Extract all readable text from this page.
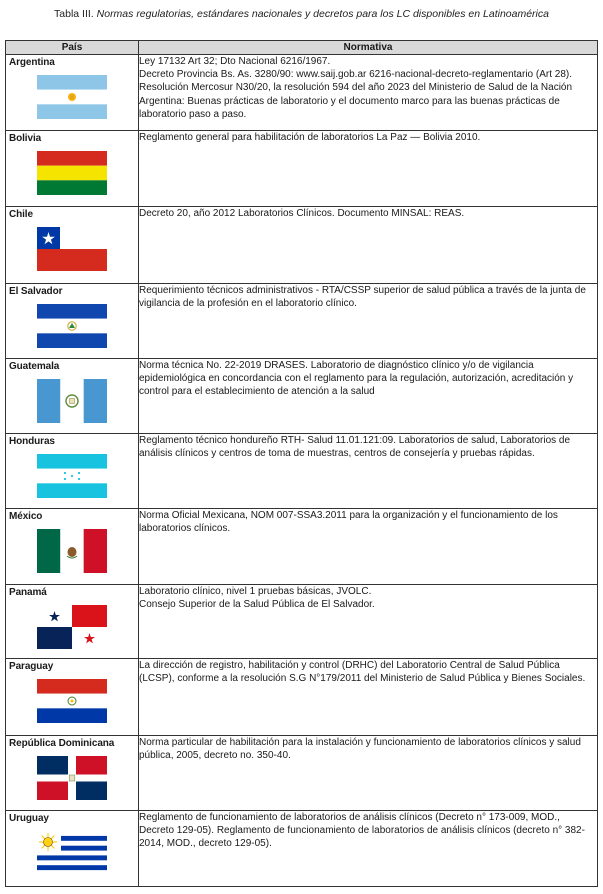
Tabla III. Normas regulatorias, estándares nacionales y decretos para los LC disponibles en Latinoamérica
País	Normativa

Argentina	Ley 17132 Art 32; Dto Nacional 6216/1967.
Decreto Provincia Bs. As. 3280/90: www.saij.gob.ar 6216-nacional-decreto-reglamentario (Art 28). Resolución Mercosur N30/20, la resolución 594 del año 2023 del Ministerio de Salud de la Nación Argentina: Buenas prácticas de laboratorio y el documento marco para las buenas prácticas de laboratorio paso a paso.

Bolivia	Reglamento general para habilitación de laboratorios La Paz — Bolivia 2010.

Chile	Decreto 20, año 2012 Laboratorios Clínicos. Documento MINSAL: REAS.

El Salvador	Requerimiento técnicos administrativos - RTA/CSSP superior de salud pública a través de la junta de vigilancia de la profesión en el laboratorio clínico.

Guatemala	Norma técnica No. 22-2019 DRASES. Laboratorio de diagnóstico clínico y/o de vigilancia epidemiológica en concordancia con el reglamento para la regulación, autorización, acreditación y control para el establecimiento de atención a la salud

Honduras	Reglamento técnico hondureño RTH- Salud 11.01.121:09. Laboratorios de salud, Laboratorios de análisis clínicos y centros de toma de muestras, centros de consejería y pruebas rápidas.

México	Norma Oficial Mexicana, NOM 007-SSA3.2011 para la organización y el funcionamiento de los laboratorios clínicos.

Panamá	Laboratorio clínico, nivel 1 pruebas básicas, JVOLC.
Consejo Superior de la Salud Pública de El Salvador.

Paraguay	La dirección de registro, habilitación y control (DRHC) del Laboratorio Central de Salud Pública (LCSP), conforme a la resolución S.G N°179/2011 del Ministerio de Salud Pública y Bienes Sociales.

República Dominicana	Norma particular de habilitación para la instalación y funcionamiento de laboratorios clínicos y salud pública, 2005, decreto no. 350-40.

Uruguay	Reglamento de funcionamiento de laboratorios de análisis clínicos (Decreto n° 173-009, MOD., Decreto 129-05). Reglamento de funcionamiento de laboratorios de análisis clínicos (decreto n° 382-2014, MOD., decreto 129-05).
